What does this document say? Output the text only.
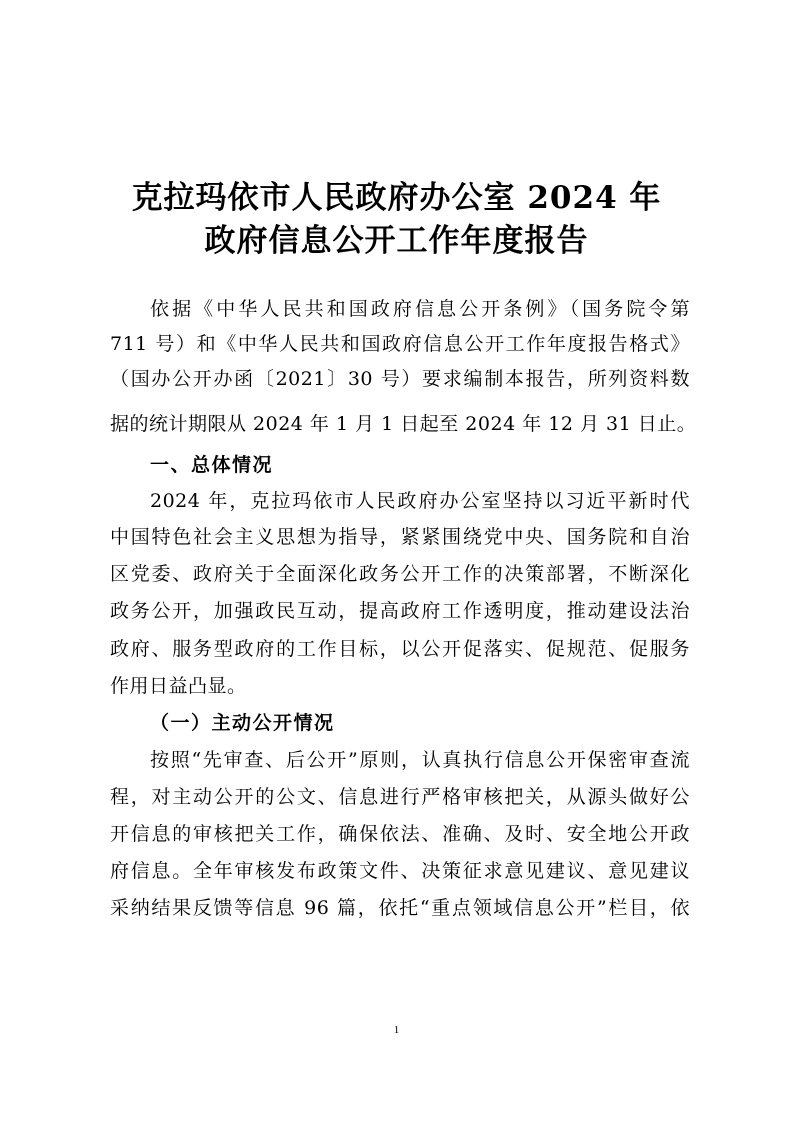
克拉玛依市人民政府办公室 2024 年
政府信息公开工作年度报告
依据《中华人民共和国政府信息公开条例》（国务院令第
711 号）和《中华人民共和国政府信息公开工作年度报告格式》
（国办公开办函〔2021〕30 号）要求编制本报告，所列资料数
据的统计期限从 2024 年 1 月 1 日起至 2024 年 12 月 31 日止。
一、总体情况
2024 年，克拉玛依市人民政府办公室坚持以习近平新时代
中国特色社会主义思想为指导，紧紧围绕党中央、国务院和自治
区党委、政府关于全面深化政务公开工作的决策部署，不断深化
政务公开，加强政民互动，提高政府工作透明度，推动建设法治
政府、服务型政府的工作目标，以公开促落实、促规范、促服务
作用日益凸显。
（一）主动公开情况
按照“先审查、后公开”原则，认真执行信息公开保密审查流
程，对主动公开的公文、信息进行严格审核把关，从源头做好公
开信息的审核把关工作，确保依法、准确、及时、安全地公开政
府信息。全年审核发布政策文件、决策征求意见建议、意见建议
采纳结果反馈等信息 96 篇，依托“重点领域信息公开”栏目，依
1
